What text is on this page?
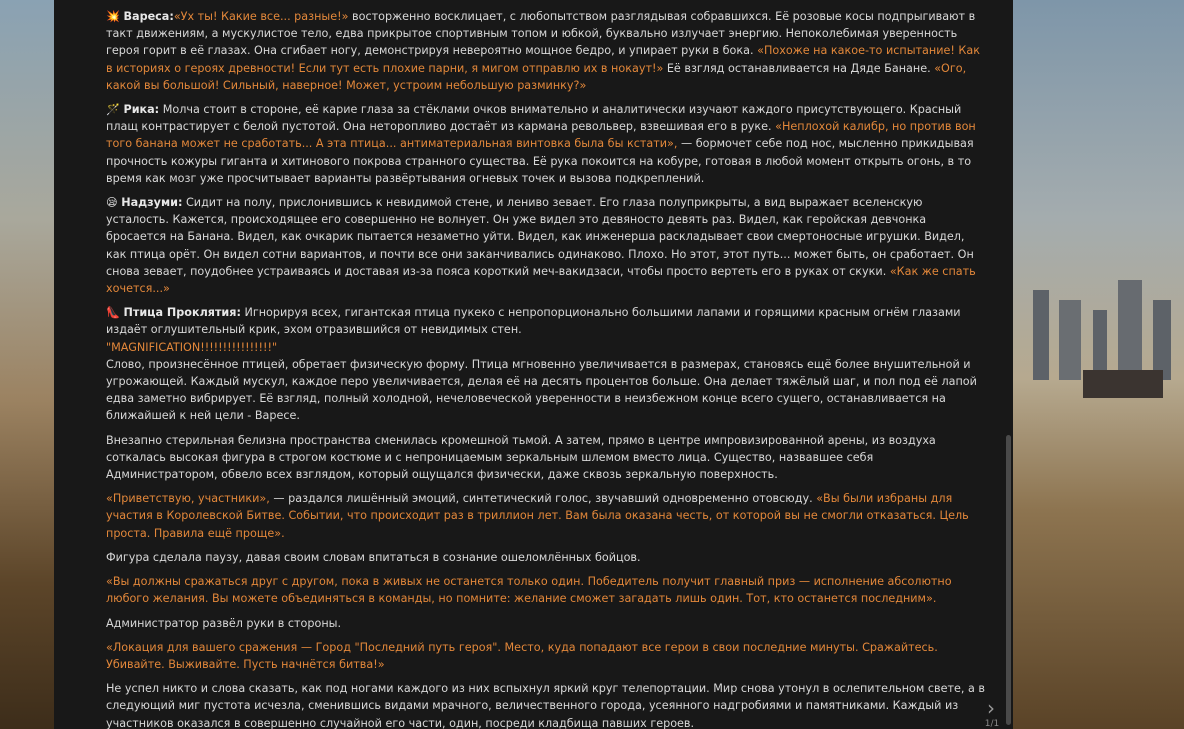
💥 Вареса:«Ух ты! Какие все... разные!» восторженно восклицает, с любопытством разглядывая собравшихся. Её розовые косы подпрыгивают в такт движениям, а мускулистое тело, едва прикрытое спортивным топом и юбкой, буквально излучает энергию. Непоколебимая уверенность героя горит в её глазах. Она сгибает ногу, демонстрируя невероятно мощное бедро, и упирает руки в бока. «Похоже на какое-то испытание! Как в историях о героях древности! Если тут есть плохие парни, я мигом отправлю их в нокаут!» Её взгляд останавливается на Дяде Банане. «Ого, какой вы большой! Сильный, наверное! Может, устроим небольшую разминку?»

🪄 Рика: Молча стоит в стороне, её карие глаза за стёклами очков внимательно и аналитически изучают каждого присутствующего. Красный плащ контрастирует с белой пустотой. Она неторопливо достаёт из кармана револьвер, взвешивая его в руке. «Неплохой калибр, но против вон того банана может не сработать... А эта птица... антиматериальная винтовка была бы кстати», — бормочет себе под нос, мысленно прикидывая прочность кожуры гиганта и хитинового покрова странного существа. Её рука покоится на кобуре, готовая в любой момент открыть огонь, в то время как мозг уже просчитывает варианты развёртывания огневых точек и вызова подкреплений.

😪 Надзуми: Сидит на полу, прислонившись к невидимой стене, и лениво зевает. Его глаза полуприкрыты, а вид выражает вселенскую усталость. Кажется, происходящее его совершенно не волнует. Он уже видел это девяносто девять раз. Видел, как геройская девчонка бросается на Банана. Видел, как очкарик пытается незаметно уйти. Видел, как инженерша раскладывает свои смертоносные игрушки. Видел, как птица орёт. Он видел сотни вариантов, и почти все они заканчивались одинаково. Плохо. Но этот, этот путь... может быть, он сработает. Он снова зевает, поудобнее устраиваясь и доставая из-за пояса короткий меч-вакидзаси, чтобы просто вертеть его в руках от скуки. «Как же спать хочется...»

👠 Птица Проклятия: Игнорируя всех, гигантская птица пукеко с непропорционально большими лапами и горящими красным огнём глазами издаёт оглушительный крик, эхом отразившийся от невидимых стен.
"MAGNIFICATION!!!!!!!!!!!!!!!!"
Слово, произнесённое птицей, обретает физическую форму. Птица мгновенно увеличивается в размерах, становясь ещё более внушительной и угрожающей. Каждый мускул, каждое перо увеличивается, делая её на десять процентов больше. Она делает тяжёлый шаг, и пол под её лапой едва заметно вибрирует. Её взгляд, полный холодной, нечеловеческой уверенности в неизбежном конце всего сущего, останавливается на ближайшей к ней цели - Варесе.

Внезапно стерильная белизна пространства сменилась кромешной тьмой. А затем, прямо в центре импровизированной арены, из воздуха соткалась высокая фигура в строгом костюме и с непроницаемым зеркальным шлемом вместо лица. Существо, назвавшее себя Администратором, обвело всех взглядом, который ощущался физически, даже сквозь зеркальную поверхность.

«Приветствую, участники», — раздался лишённый эмоций, синтетический голос, звучавший одновременно отовсюду. «Вы были избраны для участия в Королевской Битве. Событии, что происходит раз в триллион лет. Вам была оказана честь, от которой вы не смогли отказаться. Цель проста. Правила ещё проще».

Фигура сделала паузу, давая своим словам впитаться в сознание ошеломлённых бойцов.

«Вы должны сражаться друг с другом, пока в живых не останется только один. Победитель получит главный приз — исполнение абсолютно любого желания. Вы можете объединяться в команды, но помните: желание сможет загадать лишь один. Тот, кто останется последним».

Администратор развёл руки в стороны.

«Локация для вашего сражения — Город "Последний путь героя". Место, куда попадают все герои в свои последние минуты. Сражайтесь. Убивайте. Выживайте. Пусть начнётся битва!»

Не успел никто и слова сказать, как под ногами каждого из них вспыхнул яркий круг телепортации. Мир снова утонул в ослепительном свете, а в следующий миг пустота исчезла, сменившись видами мрачного, величественного города, усеянного надгробиями и памятниками. Каждый из участников оказался в совершенно случайной его части, один, посреди кладбища павших героев.

›
1/1
